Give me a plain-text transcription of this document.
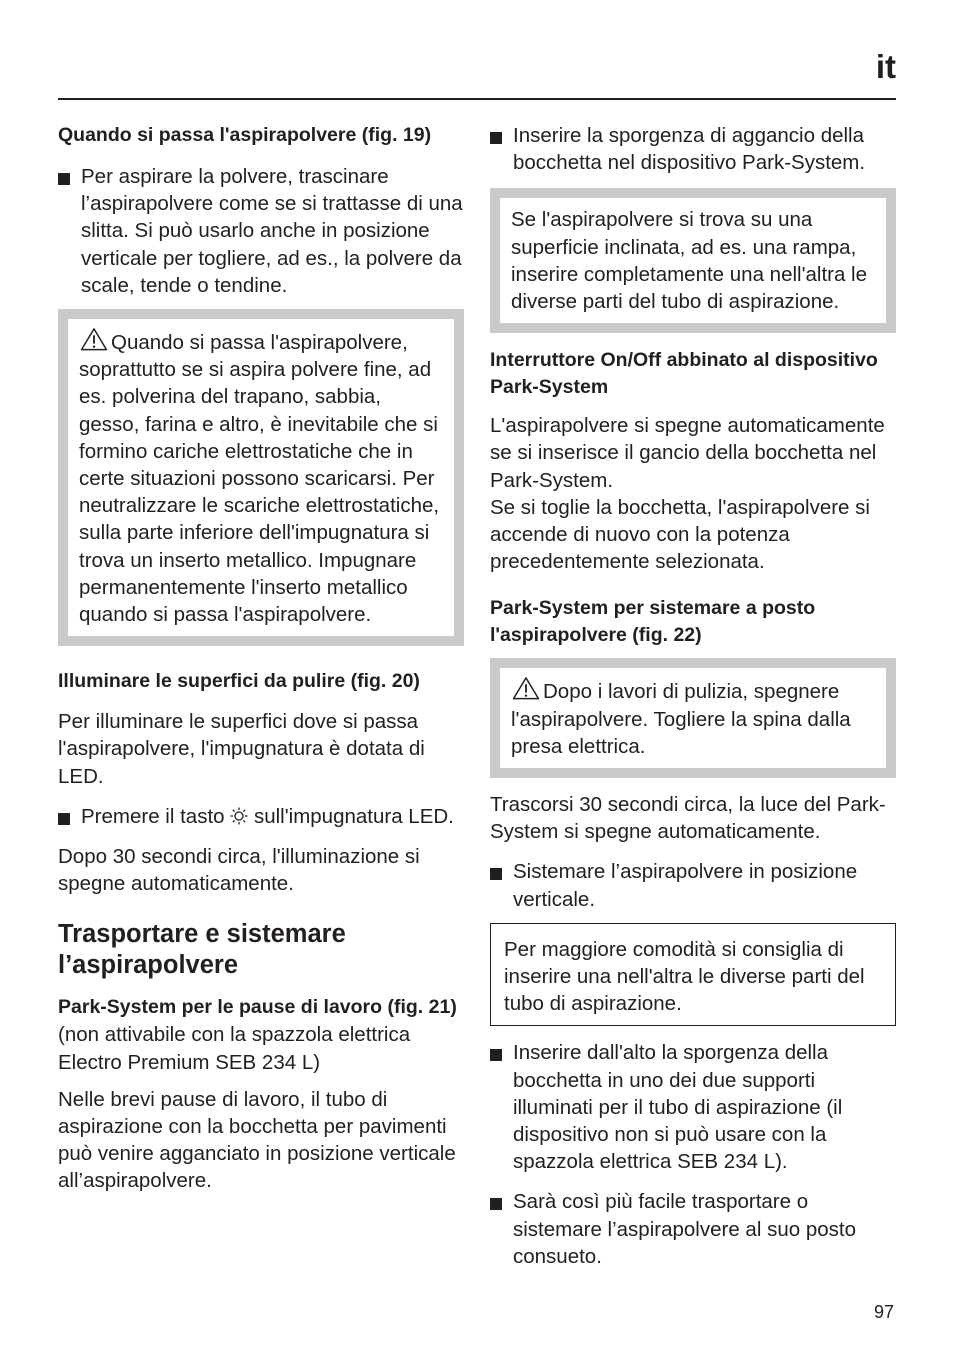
it
Quando si passa l'aspirapolvere (fig. 19)

Per aspirare la polvere, trascinare l’aspirapolvere come se si trattasse di una slitta. Si può usarlo anche in posizione verticale per togliere, ad es., la polvere da scale, tende o tendine.

Quando si passa l'aspirapolvere, soprattutto se si aspira polvere fine, ad es. polverina del trapano, sabbia, gesso, farina e altro, è inevitabile che si formino cariche elettrostatiche che in certe situazioni possono scaricarsi. Per neutralizzare le scariche elettrostatiche, sulla parte inferiore dell'impugnatura si trova un inserto metallico. Impugnare permanentemente l'inserto metallico quando si passa l'aspirapolvere.

Illuminare le superfici da pulire (fig. 20)

Per illuminare le superfici dove si passa l'aspirapolvere, l'impugnatura è dotata di LED.

Premere il tasto sull'impugnatura LED.

Dopo 30 secondi circa, l'illuminazione si spegne automaticamente.

Trasportare e sistemare l’aspirapolvere
Park-System per le pause di lavoro (fig. 21)

(non attivabile con la spazzola elettrica Electro Premium SEB 234 L)

Nelle brevi pause di lavoro, il tubo di aspirazione con la bocchetta per pavimenti può venire agganciato in posizione verticale all’aspirapolvere.

Inserire la sporgenza di aggancio della bocchetta nel dispositivo Park-System.

Se l'aspirapolvere si trova su una superficie inclinata, ad es. una rampa, inserire completamente una nell'altra le diverse parti del tubo di aspirazione.

Interruttore On/Off abbinato al dispositivo Park-System

L'aspirapolvere si spegne automaticamente se si inserisce il gancio della bocchetta nel Park-System.

Se si toglie la bocchetta, l'aspirapolvere si accende di nuovo con la potenza precedentemente selezionata.

Park-System per sistemare a posto l'aspirapolvere (fig. 22)

Dopo i lavori di pulizia, spegnere l'aspirapolvere. Togliere la spina dalla presa elettrica.

Trascorsi 30 secondi circa, la luce del Park-System si spegne automaticamente.

Sistemare l’aspirapolvere in posizione verticale.

Per maggiore comodità si consiglia di inserire una nell'altra le diverse parti del tubo di aspirazione.

Inserire dall'alto la sporgenza della bocchetta in uno dei due supporti illuminati per il tubo di aspirazione (il dispositivo non si può usare con la spazzola elettrica SEB 234 L).

Sarà così più facile trasportare o sistemare l’aspirapolvere al suo posto consueto.

97
